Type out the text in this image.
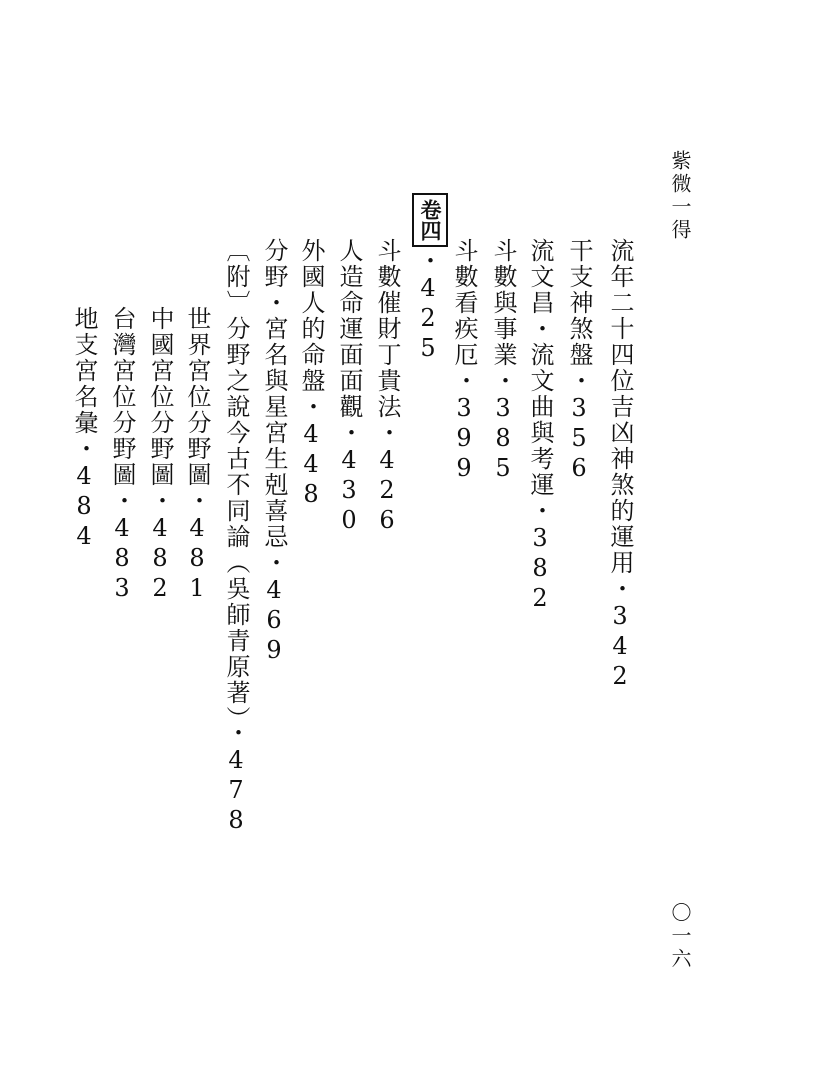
紫微一得
流年二十四位吉凶神煞的運用・342
干支神煞盤・356
流文昌・流文曲與考運・382
斗數與事業・385
斗數看疾厄・399
卷四
・425
斗數催財丁貴法・426
人造命運面面觀・430
外國人的命盤・448
分野・宮名與星宮生剋喜忌・469
〔附〕分野之說今古不同論（吳師青原著）・478
世界宮位分野圖・481
中國宮位分野圖・482
台灣宮位分野圖・483
地支宮名彙・484
〇一六
